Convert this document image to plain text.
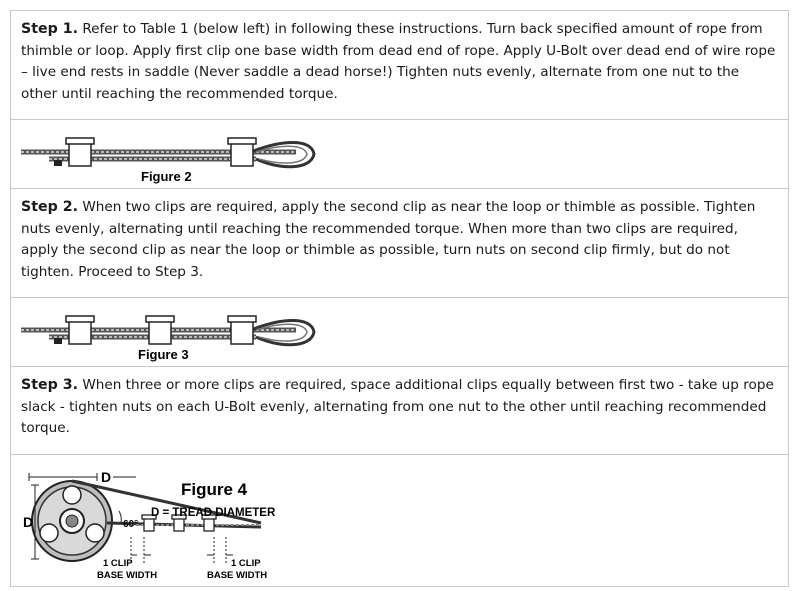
Step 1. Refer to Table 1 (below left) in following these instructions. Turn back specified amount of rope from thimble or loop. Apply first clip one base width from dead end of rope. Apply U-Bolt over dead end of wire rope – live end rests in saddle (Never saddle a dead horse!) Tighten nuts evenly, alternate from one nut to the other until reaching the recommended torque.
Figure 2
Step 2. When two clips are required, apply the second clip as near the loop or thimble as possible. Tighten nuts evenly, alternating until reaching the recommended torque. When more than two clips are required, apply the second clip as near the loop or thimble as possible, turn nuts on second clip firmly, but do not tighten. Proceed to Step 3.
Figure 3
Step 3. When three or more clips are required, space additional clips equally between first two - take up rope slack - tighten nuts on each U-Bolt evenly, alternating from one nut to the other until reaching recommended torque.
D
D	60°
Figure 4
D = TREAD DIAMETER
1 CLIP
BASE WIDTH
1 CLIP
BASE WIDTH
